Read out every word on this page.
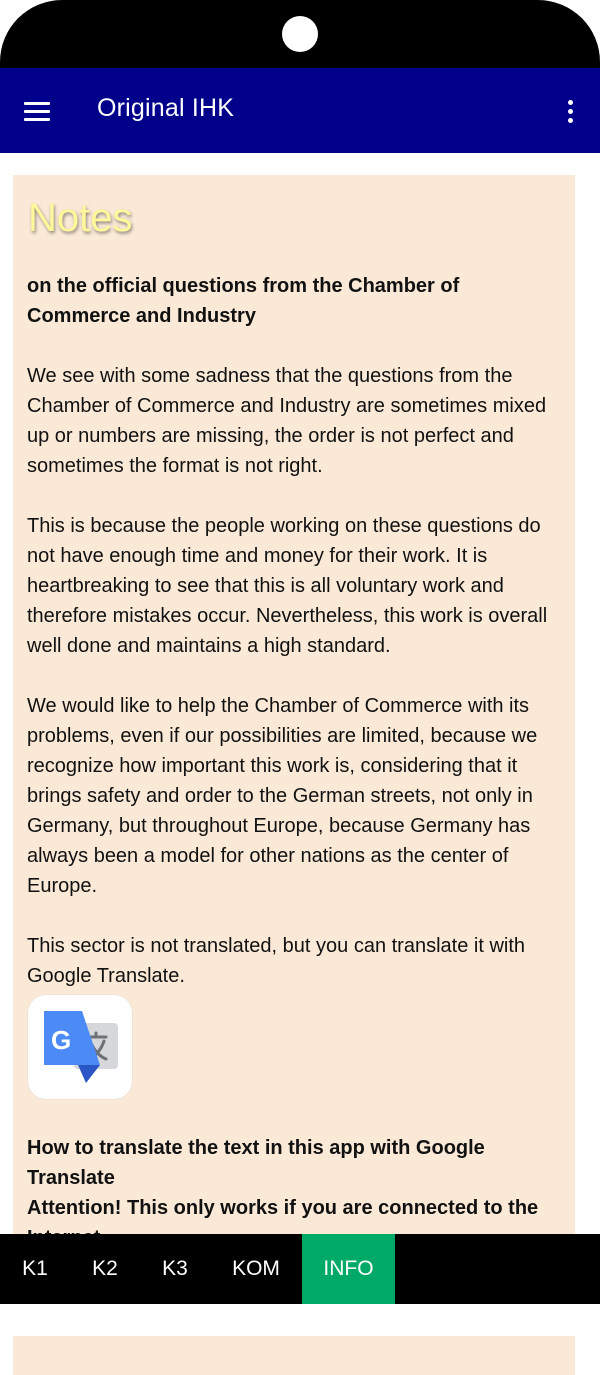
Original IHK
Notes
on the official questions from the Chamber of Commerce and Industry
We see with some sadness that the questions from the Chamber of Commerce and Industry are sometimes mixed up or numbers are missing, the order is not perfect and sometimes the format is not right.
This is because the people working on these questions do not have enough time and money for their work. It is heartbreaking to see that this is all voluntary work and therefore mistakes occur. Nevertheless, this work is overall well done and maintains a high standard.
We would like to help the Chamber of Commerce with its problems, even if our possibilities are limited, because we recognize how important this work is, considering that it brings safety and order to the German streets, not only in Germany, but throughout Europe, because Germany has always been a model for other nations as the center of Europe.
This sector is not translated, but you can translate it with Google Translate.
G
How to translate the text in this app with Google Translate
Attention! This only works if you are connected to the
K1	K2	K3	KOM	INFO
